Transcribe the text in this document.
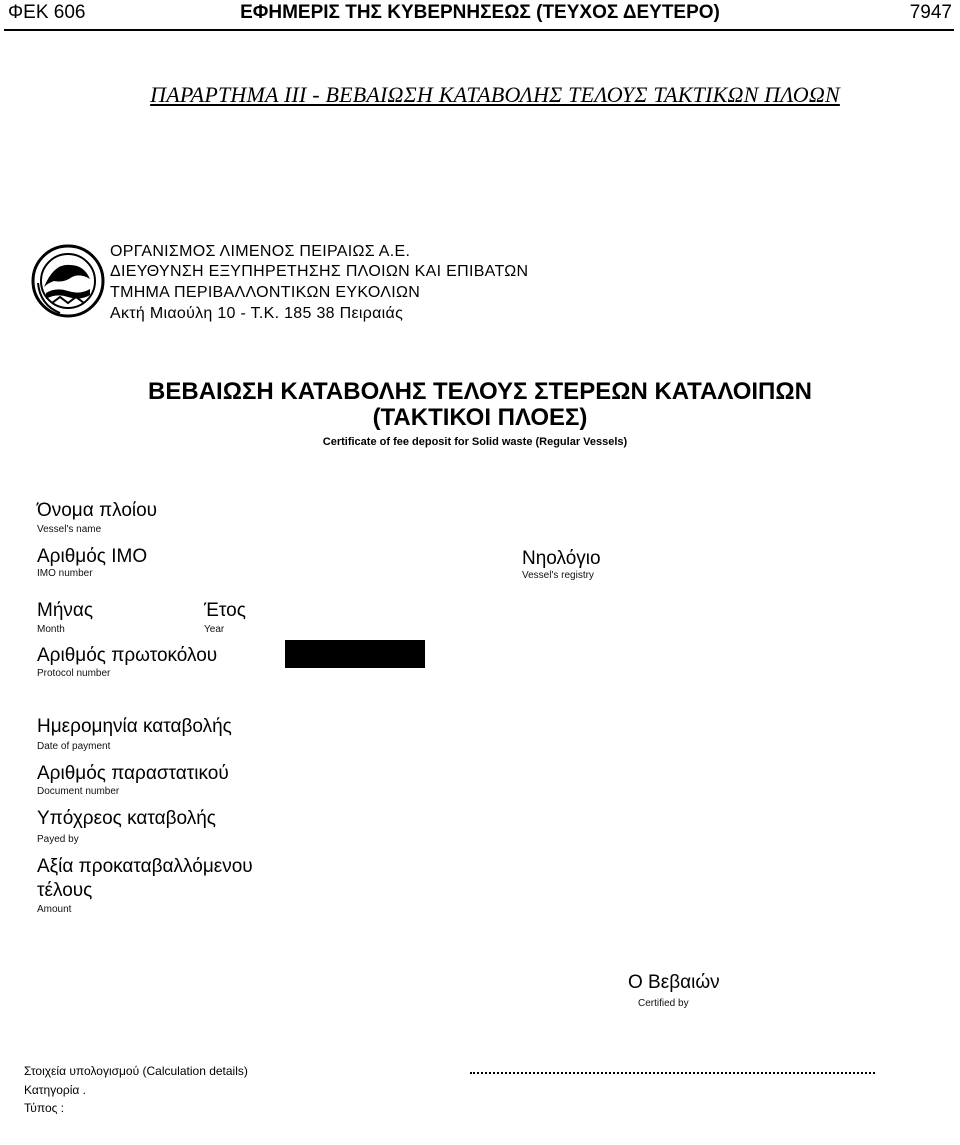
ΦΕΚ 606	ΕΦΗΜΕΡΙΣ ΤΗΣ ΚΥΒΕΡΝΗΣΕΩΣ (ΤΕΥΧΟΣ ΔΕΥΤΕΡΟ)	7947
ΠΑΡΑΡΤΗΜΑ ΙΙΙ - ΒΕΒΑΙΩΣΗ ΚΑΤΑΒΟΛΗΣ ΤΕΛΟΥΣ ΤΑΚΤΙΚΩΝ ΠΛΟΩΝ
ΟΡΓΑΝΙΣΜΟΣ ΛΙΜΕΝΟΣ ΠΕΙΡΑΙΩΣ Α.Ε.
ΔΙΕΥΘΥΝΣΗ ΕΞΥΠΗΡΕΤΗΣΗΣ ΠΛΟΙΩΝ ΚΑΙ ΕΠΙΒΑΤΩΝ
ΤΜΗΜΑ ΠΕΡΙΒΑΛΛΟΝΤΙΚΩΝ ΕΥΚΟΛΙΩΝ
Ακτή Μιαούλη 10 - Τ.Κ. 185 38 Πειραιάς
ΒΕΒΑΙΩΣΗ ΚΑΤΑΒΟΛΗΣ ΤΕΛΟΥΣ ΣΤΕΡΕΩΝ ΚΑΤΑΛΟΙΠΩΝ
(ΤΑΚΤΙΚΟΙ ΠΛΟΕΣ)
Certificate of fee deposit for Solid waste (Regular Vessels)
Όνομα πλοίου
Vessel's name
Αριθμός ΙΜΟ
IMO number
Νηολόγιο
Vessel's registry
Μήνας
Month
Έτος
Year
Αριθμός πρωτοκόλου
Protocol number
Ημερομηνία καταβολής
Date of payment
Αριθμός παραστατικού
Document number
Υπόχρεος καταβολής
Payed by
Αξία προκαταβαλλόμενου
τέλους
Amount
Ο Βεβαιών
Certified by
Στοιχεία υπολογισμού (Calculation details)
Κατηγορία .
Τύπος :
